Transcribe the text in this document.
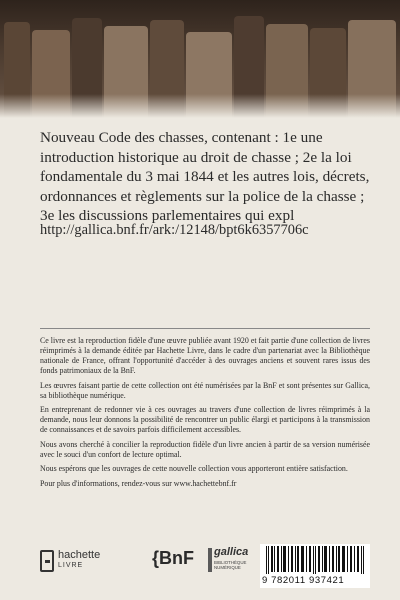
Nouveau Code des chasses, contenant : 1e une introduction historique au droit de chasse ; 2e la loi fondamentale du 3 mai 1844 et les autres lois, décrets, ordonnances et règlements sur la police de la chasse ; 3e les discussions parlementaires qui expl

http://gallica.bnf.fr/ark:/12148/bpt6k6357706c

Ce livre est la reproduction fidèle d'une œuvre publiée avant 1920 et fait partie d'une collection de livres réimprimés à la demande éditée par Hachette Livre, dans le cadre d'un partenariat avec la Bibliothèque nationale de France, offrant l'opportunité d'accéder à des ouvrages anciens et souvent rares issus des fonds patrimoniaux de la BnF.

Les œuvres faisant partie de cette collection ont été numérisées par la BnF et sont présentes sur Gallica, sa bibliothèque numérique.

En entreprenant de redonner vie à ces ouvrages au travers d'une collection de livres réimprimés à la demande, nous leur donnons la possibilité de rencontrer un public élargi et participons à la transmission de connaissances et de savoirs parfois difficilement accessibles.

Nous avons cherché à concilier la reproduction fidèle d'un livre ancien à partir de sa version numérisée avec le souci d'un confort de lecture optimal.

Nous espérons que les ouvrages de cette nouvelle collection vous apporteront entière satisfaction.

Pour plus d'informations, rendez-vous sur www.hachettebnf.fr

hachette
LIVRE	{BnF gallica
BIBLIOTHÈQUE NUMÉRIQUE
9 782011 937421
